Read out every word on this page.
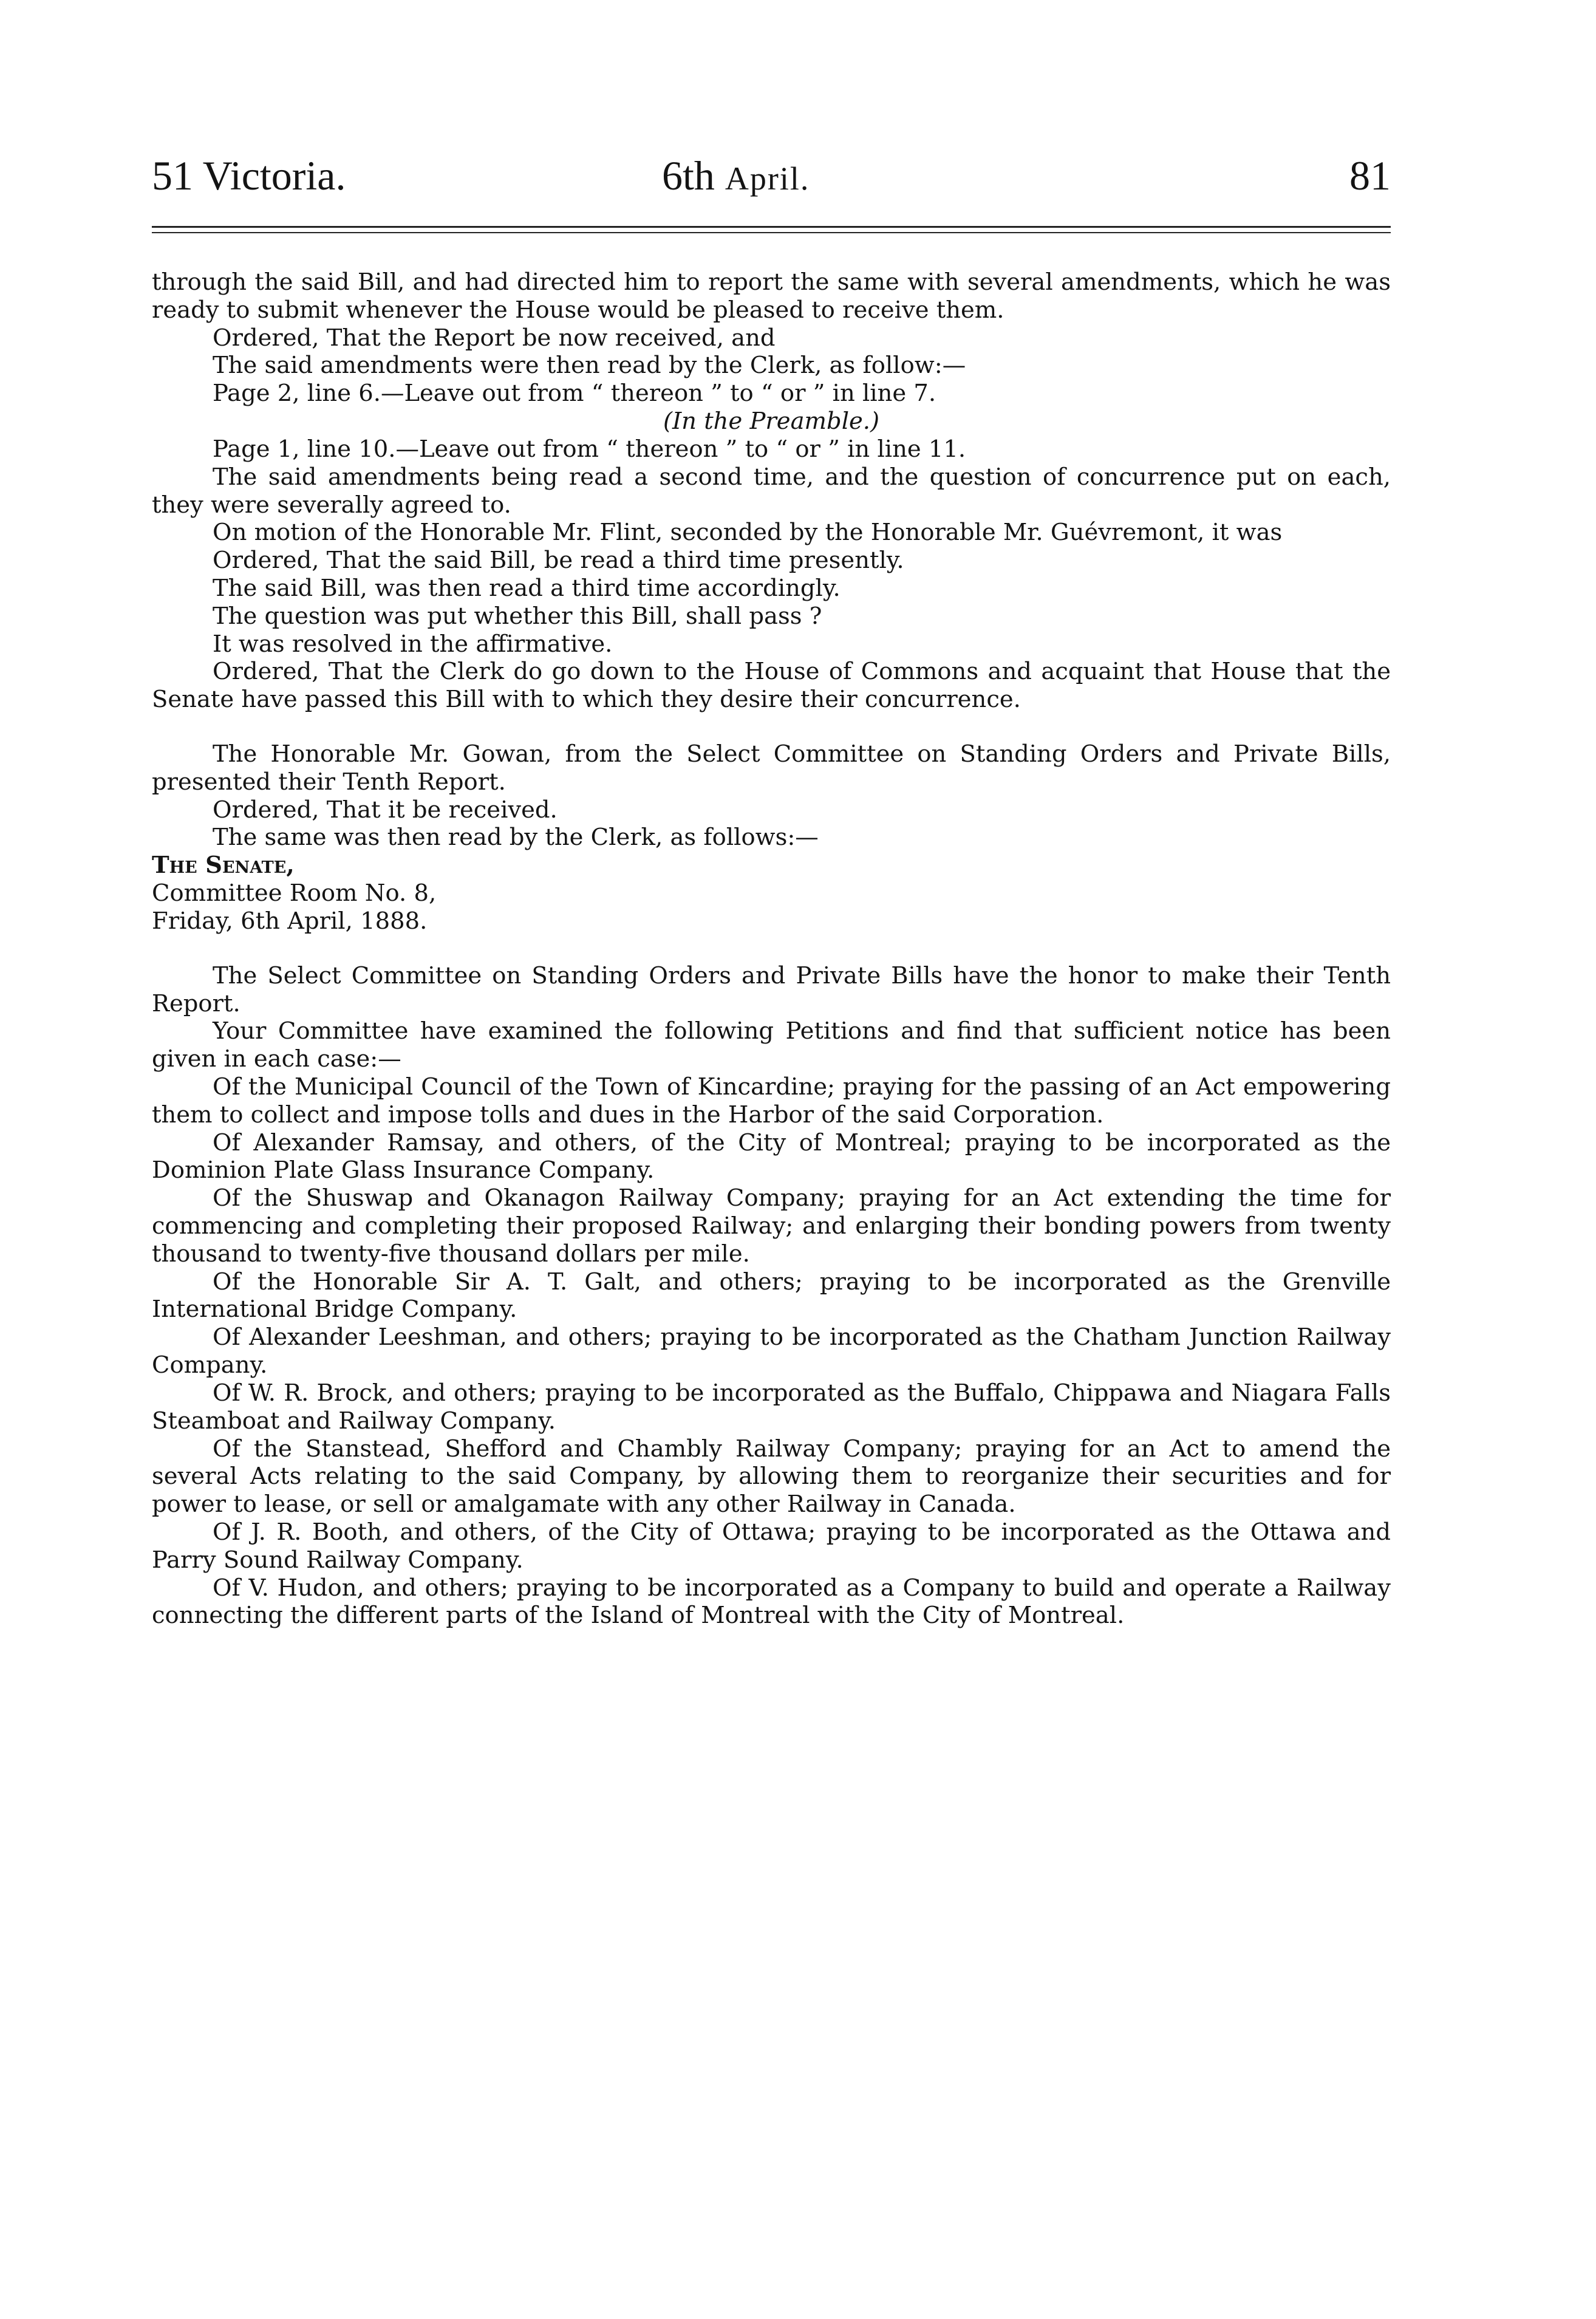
51 Victoria.	6th April.	81

through the said Bill, and had directed him to report the same with several amendments, which he was ready to submit whenever the House would be pleased to receive them.

Ordered, That the Report be now received, and

The said amendments were then read by the Clerk, as follow:—

Page 2, line 6.—Leave out from “ thereon ” to “ or ” in line 7.

(In the Preamble.)

Page 1, line 10.—Leave out from “ thereon ” to “ or ” in line 11.

The said amendments being read a second time, and the question of concurrence put on each, they were severally agreed to.

On motion of the Honorable Mr. Flint, seconded by the Honorable Mr. Guévremont, it was

Ordered, That the said Bill, be read a third time presently.

The said Bill, was then read a third time accordingly.

The question was put whether this Bill, shall pass ?

It was resolved in the affirmative.

Ordered, That the Clerk do go down to the House of Commons and acquaint that House that the Senate have passed this Bill with to which they desire their concurrence.

The Honorable Mr. Gowan, from the Select Committee on Standing Orders and Private Bills, presented their Tenth Report.

Ordered, That it be received.

The same was then read by the Clerk, as follows:—

The Senate,

Committee Room No. 8,

Friday, 6th April, 1888.

The Select Committee on Standing Orders and Private Bills have the honor to make their Tenth Report.

Your Committee have examined the following Petitions and find that sufficient notice has been given in each case:—

Of the Municipal Council of the Town of Kincardine; praying for the passing of an Act empowering them to collect and impose tolls and dues in the Harbor of the said Corporation.

Of Alexander Ramsay, and others, of the City of Montreal; praying to be incorporated as the Dominion Plate Glass Insurance Company.

Of the Shuswap and Okanagon Railway Company; praying for an Act extending the time for commencing and completing their proposed Railway; and enlarging their bonding powers from twenty thousand to twenty-five thousand dollars per mile.

Of the Honorable Sir A. T. Galt, and others; praying to be incorporated as the Grenville International Bridge Company.

Of Alexander Leeshman, and others; praying to be incorporated as the Chatham Junction Railway Company.

Of W. R. Brock, and others; praying to be incorporated as the Buffalo, Chippawa and Niagara Falls Steamboat and Railway Company.

Of the Stanstead, Shefford and Chambly Railway Company; praying for an Act to amend the several Acts relating to the said Company, by allowing them to reorganize their securities and for power to lease, or sell or amalgamate with any other Railway in Canada.

Of J. R. Booth, and others, of the City of Ottawa; praying to be incorporated as the Ottawa and Parry Sound Railway Company.

Of V. Hudon, and others; praying to be incorporated as a Company to build and operate a Railway connecting the different parts of the Island of Montreal with the City of Montreal.
